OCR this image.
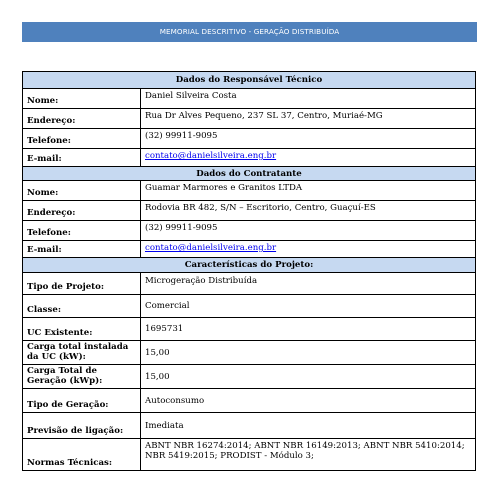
MEMORIAL DESCRITIVO - GERAÇÃO DISTRIBUÍDA
Dados do Responsável Técnico	
Nome:	Daniel Silveira Costa
Endereço:	Rua Dr Alves Pequeno, 237 SL 37, Centro, Muriaé-MG
Telefone:	(32) 99911-9095
E-mail:	contato@danielsilveira.eng.br
Dados do Contratante	
Nome:	Guamar Marmores e Granitos LTDA
Endereço:	Rodovia BR 482, S/N – Escritorio, Centro, Guaçuí-ES
Telefone:	(32) 99911-9095
E-mail:	contato@danielsilveira.eng.br
Características do Projeto:	
Tipo de Projeto:	Microgeração Distribuída
Classe:	Comercial
UC Existente:	1695731
Carga total instalada da UC (kW):	15,00
Carga Total de Geração (kWp):	15,00
Tipo de Geração:	Autoconsumo
Previsão de ligação:	Imediata
Normas Técnicas:	ABNT NBR 16274:2014; ABNT NBR 16149:2013; ABNT NBR 5410:2014; NBR 5419:2015; PRODIST - Módulo 3;
